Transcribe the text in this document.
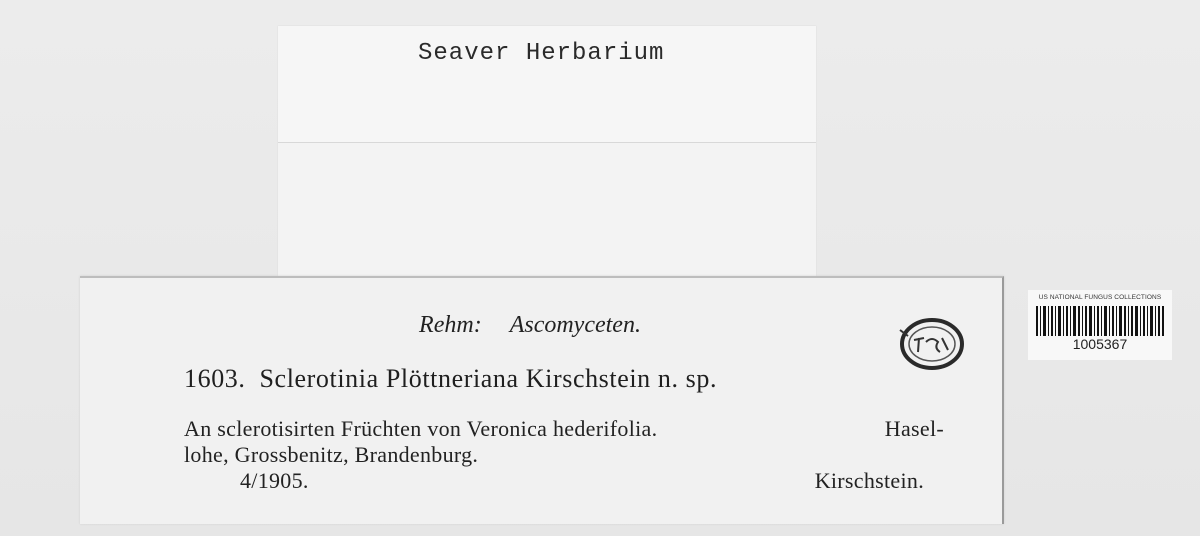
Seaver Herbarium
Rehm: Ascomyceten.
1603. Sclerotinia Plöttneriana Kirschstein n. sp.
An sclerotisirten Früchten von Veronica hederifolia.	Hasel-
lohe, Grossbenitz, Brandenburg.
4/1905.	Kirschstein.
US NATIONAL FUNGUS COLLECTIONS
1005367
